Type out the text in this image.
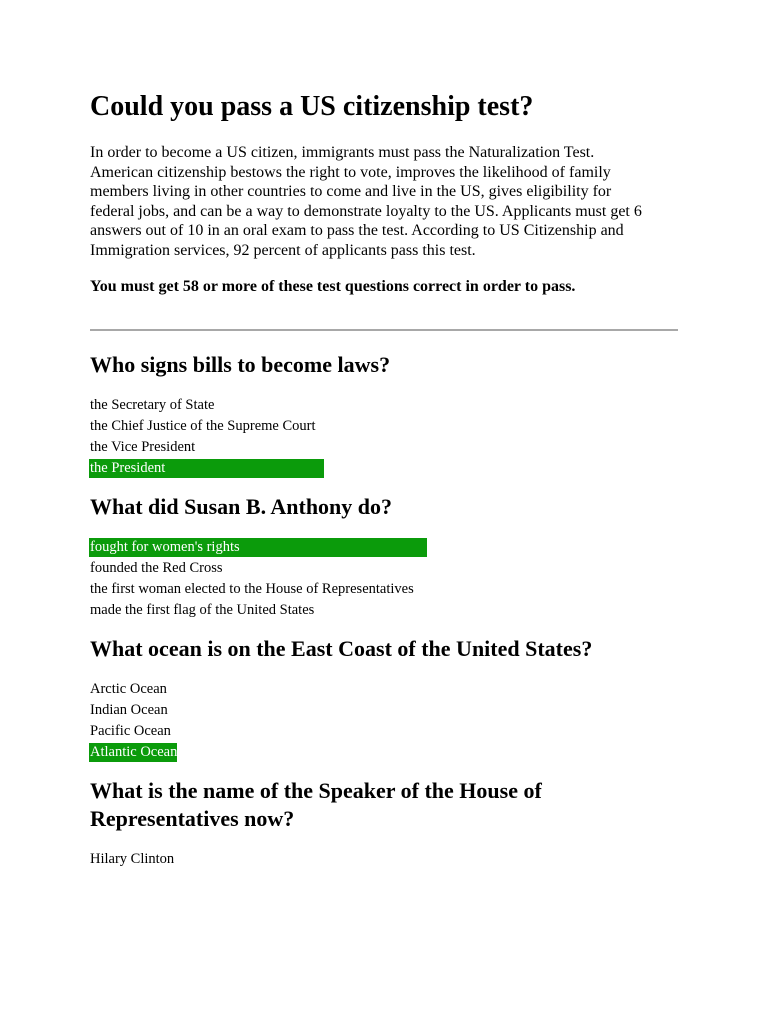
Could you pass a US citizenship test?

In order to become a US citizen, immigrants must pass the Naturalization Test.
American citizenship bestows the right to vote, improves the likelihood of family
members living in other countries to come and live in the US, gives eligibility for
federal jobs, and can be a way to demonstrate loyalty to the US. Applicants must get 6
answers out of 10 in an oral exam to pass the test. According to US Citizenship and
Immigration services, 92 percent of applicants pass this test.

You must get 58 or more of these test questions correct in order to pass.

Who signs bills to become laws?
the Secretary of State
the Chief Justice of the Supreme Court
the Vice President
the President
What did Susan B. Anthony do?
fought for women's rights
founded the Red Cross
the first woman elected to the House of Representatives
made the first flag of the United States
What ocean is on the East Coast of the United States?
Arctic Ocean
Indian Ocean
Pacific Ocean
Atlantic Ocean
What is the name of the Speaker of the House of
Representatives now?
Hilary Clinton
